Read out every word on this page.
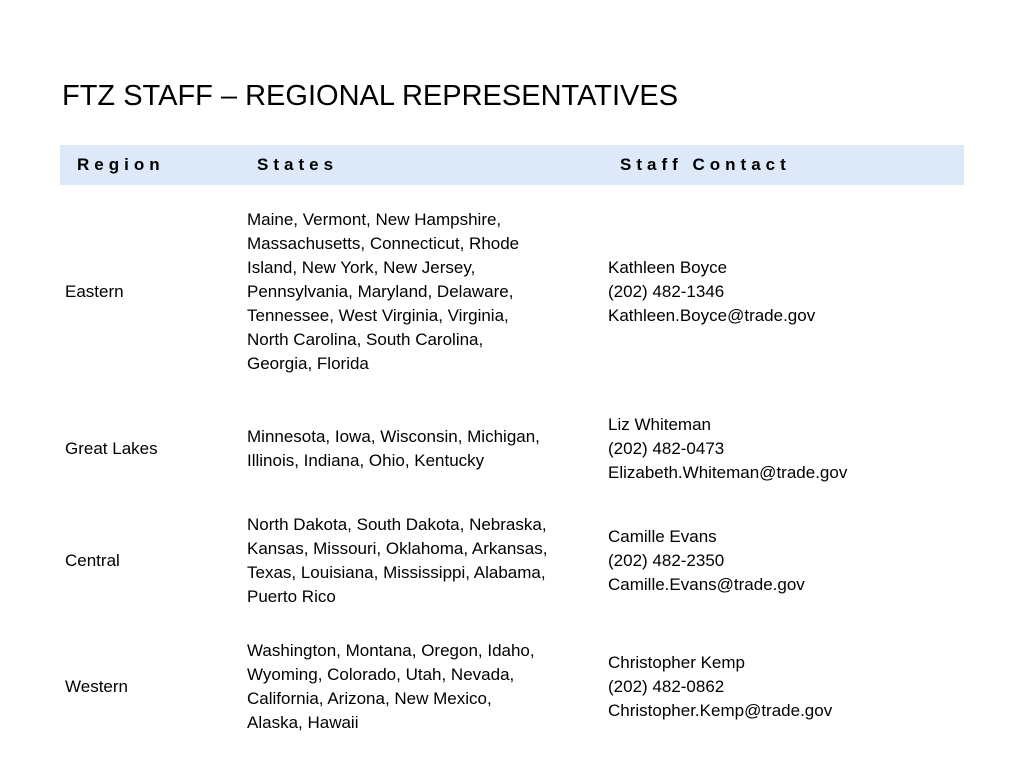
FTZ STAFF – REGIONAL REPRESENTATIVES
Region	States	Staff Contact
Eastern
Maine, Vermont, New Hampshire,
Massachusetts, Connecticut, Rhode
Island, New York, New Jersey,
Pennsylvania, Maryland, Delaware,
Tennessee, West Virginia, Virginia,
North Carolina, South Carolina,
Georgia, Florida
Kathleen Boyce
(202) 482-1346
Kathleen.Boyce@trade.gov
Great Lakes
Minnesota, Iowa, Wisconsin, Michigan,
Illinois, Indiana, Ohio, Kentucky
Liz Whiteman
(202) 482-0473
Elizabeth.Whiteman@trade.gov
Central
North Dakota, South Dakota, Nebraska,
Kansas, Missouri, Oklahoma, Arkansas,
Texas, Louisiana, Mississippi, Alabama,
Puerto Rico
Camille Evans
(202) 482-2350
Camille.Evans@trade.gov
Western
Washington, Montana, Oregon, Idaho,
Wyoming, Colorado, Utah, Nevada,
California, Arizona, New Mexico,
Alaska, Hawaii
Christopher Kemp
(202) 482-0862
Christopher.Kemp@trade.gov
